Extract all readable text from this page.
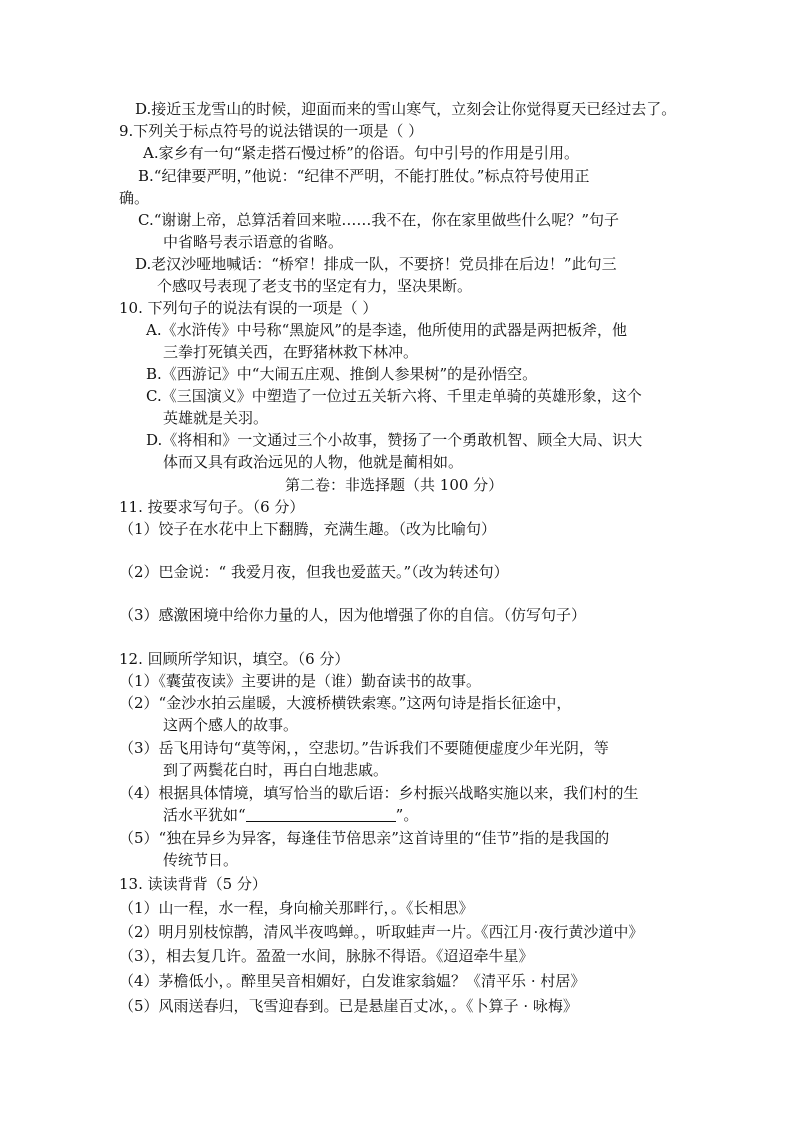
D.接近玉龙雪山的时候，迎面而来的雪山寒气，立刻会让你觉得夏天已经过去了。
9.下列关于标点符号的说法错误的一项是（ ）
A.家乡有一句“紧走搭石慢过桥”的俗语。句中引号的作用是引用。
B.“纪律要严明，”他说：“纪律不严明，不能打胜仗。”标点符号使用正
确。
C.“谢谢上帝，总算活着回来啦……我不在，你在家里做些什么呢？”句子
中省略号表示语意的省略。
D.老汉沙哑地喊话：“桥窄！排成一队，不要挤！党员排在后边！”此句三
个感叹号表现了老支书的坚定有力，坚决果断。
10. 下列句子的说法有误的一项是（ ）
A.《水浒传》中号称“黑旋风”的是李逵，他所使用的武器是两把板斧，他
三拳打死镇关西，在野猪林救下林冲。
B.《西游记》中“大闹五庄观、推倒人参果树”的是孙悟空。
C.《三国演义》中塑造了一位过五关斩六将、千里走单骑的英雄形象，这个
英雄就是关羽。
D.《将相和》一文通过三个小故事，赞扬了一个勇敢机智、顾全大局、识大
体而又具有政治远见的人物，他就是蔺相如。
第二卷：非选择题（共 100 分）
11. 按要求写句子。（6 分）
（1）饺子在水花中上下翻腾，充满生趣。（改为比喻句）
（2）巴金说：“ 我爱月夜，但我也爱蓝天。”（改为转述句）
（3）感激困境中给你力量的人，因为他增强了你的自信。（仿写句子）
12. 回顾所学知识，填空。（6 分）
（1）《囊萤夜读》主要讲的是（谁）勤奋读书的故事。
（2）“金沙水拍云崖暖，大渡桥横铁索寒。”这两句诗是指长征途中，
这两个感人的故事。
（3）岳飞用诗句“莫等闲，，空悲切。”告诉我们不要随便虚度少年光阴，等
到了两鬓花白时，再白白地悲戚。
（4）根据具体情境，填写恰当的歇后语：乡村振兴战略实施以来，我们村的生
活水平犹如“	”。
（5）“独在异乡为异客，每逢佳节倍思亲”这首诗里的“佳节”指的是我国的
传统节日。
13. 读读背背（5 分）
（1）山一程，水一程，身向榆关那畔行，。《长相思》
（2）明月别枝惊鹊，清风半夜鸣蝉。，听取蛙声一片。《西江月·夜行黄沙道中》
（3），相去复几许。盈盈一水间，脉脉不得语。《迢迢牵牛星》
（4）茅檐低小，。醉里吴音相媚好，白发谁家翁媪？《清平乐 · 村居》
（5）风雨送春归，飞雪迎春到。已是悬崖百丈冰，。《卜算子 · 咏梅》
